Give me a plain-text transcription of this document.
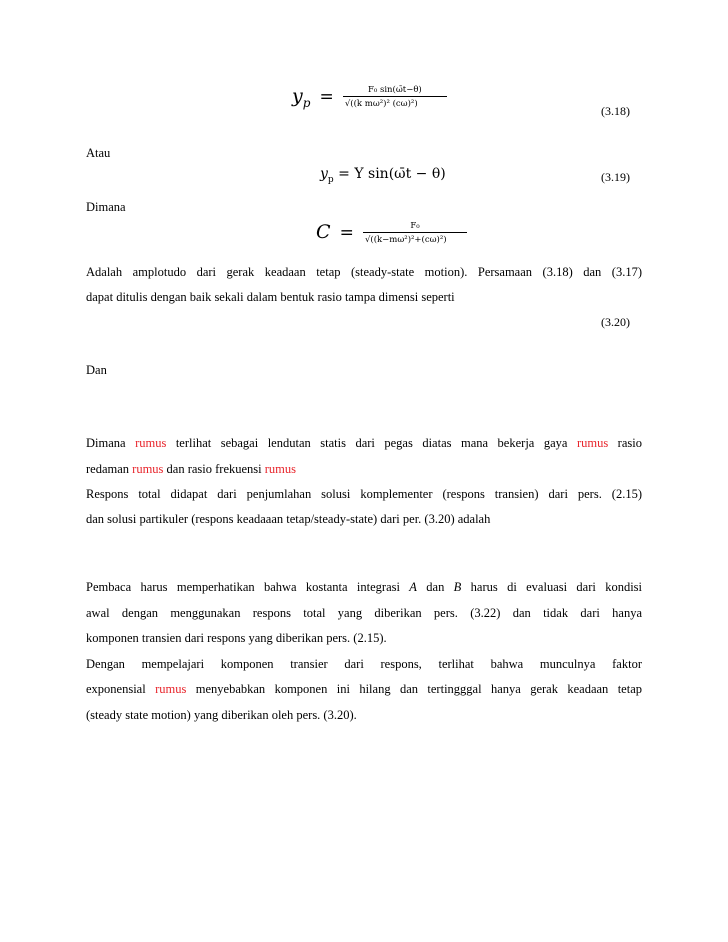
$y_p = \frac{\text{F₀ sin(ω̄t−θ)}}{\text{√((k mω²)² (cω)²)}}$	(3.18)
Atau
$y_p = Y$ sin(ω̄t − θ)	(3.19)
Dimana
$C = \frac{\text{F₀}}{\text{√((k−mω²)²+(cω)²)}}$
Adalah amplotudo dari gerak keadaan tetap (steady-state motion). Persamaan (3.18) dan (3.17)
dapat ditulis dengan baik sekali dalam bentuk rasio tampa dimensi seperti
(3.20)
Dan
Dimana rumus terlihat sebagai lendutan statis dari pegas diatas mana bekerja gaya rumus rasio
redaman rumus dan rasio frekuensi rumus
Respons total didapat dari penjumlahan solusi komplementer (respons transien) dari pers. (2.15)
dan solusi partikuler (respons keadaaan tetap/steady-state) dari per. (3.20) adalah
Pembaca harus memperhatikan bahwa kostanta integrasi A dan B harus di evaluasi dari kondisi
awal dengan menggunakan respons total yang diberikan pers. (3.22) dan tidak dari hanya
komponen transien dari respons yang diberikan pers. (2.15).
Dengan mempelajari komponen transier dari respons, terlihat bahwa munculnya faktor
exponensial rumus menyebabkan komponen ini hilang dan tertingggal hanya gerak keadaan tetap
(steady state motion) yang diberikan oleh pers. (3.20).
